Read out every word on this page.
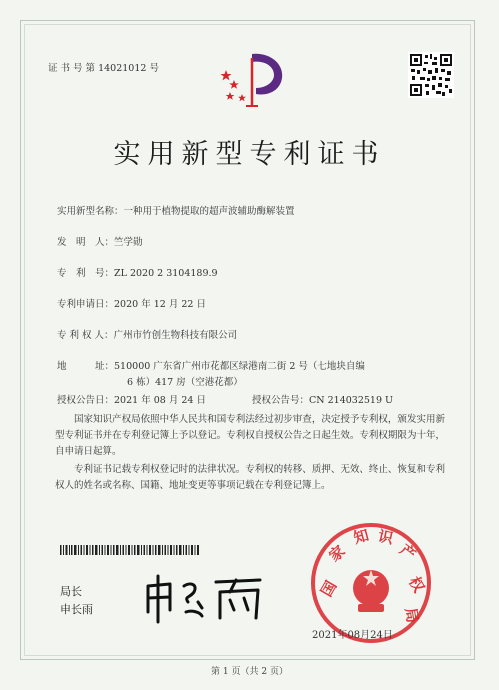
证 书 号 第 14021012 号
实用新型专利证书
实用新型名称：一种用于植物提取的超声波辅助酶解装置
发　明　人：竺学勋
专　利　号：ZL 2020 2 3104189.9
专利申请日：2020 年 12 月 22 日
专 利 权 人：广州市竹创生物科技有限公司
地　　　址：510000 广东省广州市花都区绿港南二街 2 号（七地块自编
6 栋）417 房（空港花都）
授权公告日：2021 年 08 月 24 日	授权公告号：CN 214032519 U
国家知识产权局依照中华人民共和国专利法经过初步审查，决定授予专利权，颁发实用新型专利证书并在专利登记簿上予以登记。专利权自授权公告之日起生效。专利权期限为十年，自申请日起算。
专利证书记载专利权登记时的法律状况。专利权的转移、质押、无效、终止、恢复和专利权人的姓名或名称、国籍、地址变更等事项记载在专利登记簿上。
局长
申长雨
国
家
知 识
产
权
局
2021年08月24日
第 1 页（共 2 页）
